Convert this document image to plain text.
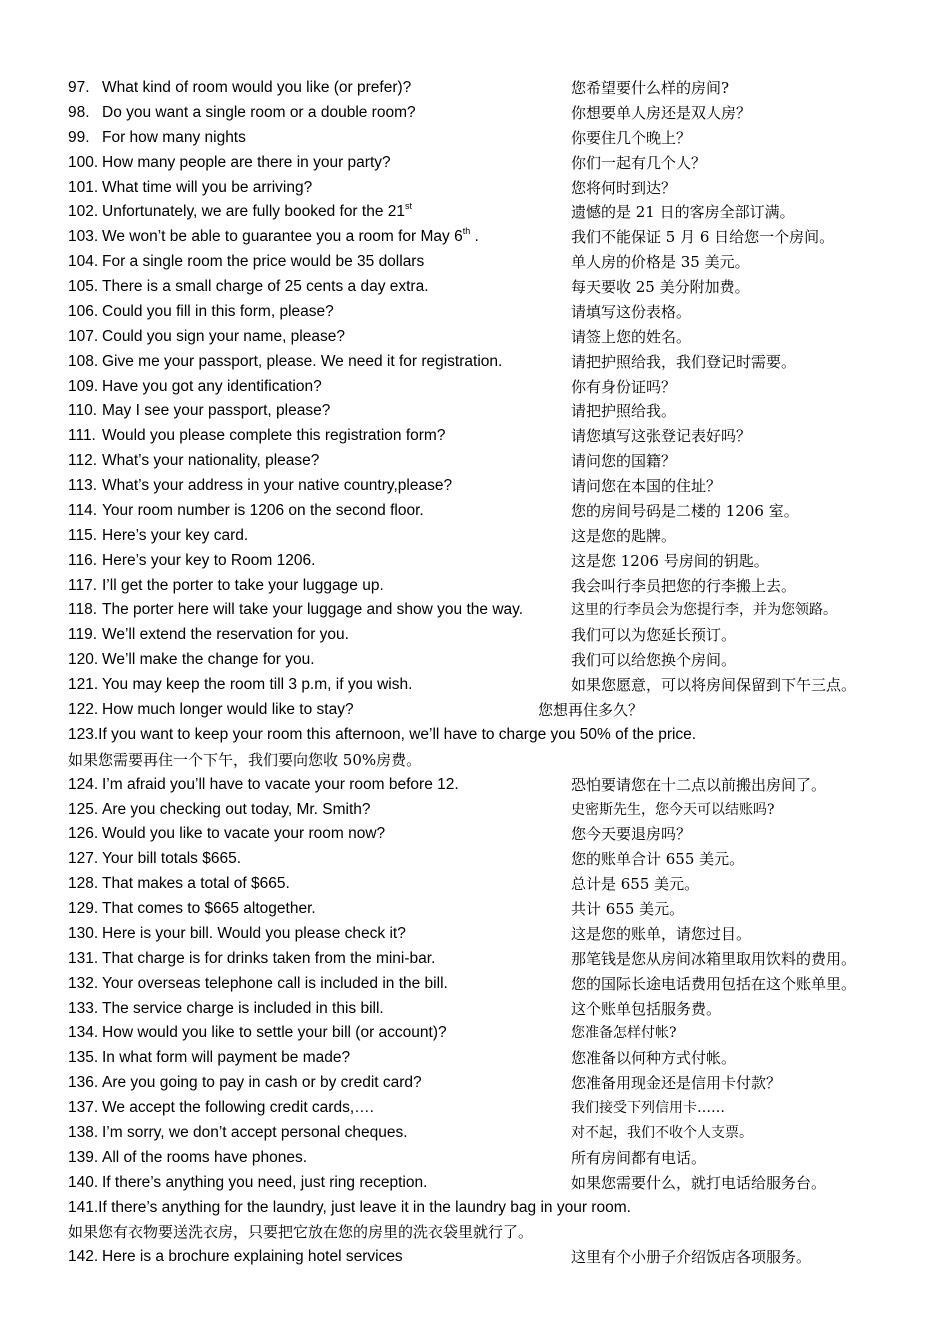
97. What kind of room would you like (or prefer)?	您希望要什么样的房间?
98. Do you want a single room or a double room?	你想要单人房还是双人房？
99. For how many nights	你要住几个晚上？
100. How many people are there in your party?	你们一起有几个人？
101. What time will you be arriving?	您将何时到达？
102. Unfortunately, we are fully booked for the 21st	遗憾的是 21 日的客房全部订满。
103. We won’t be able to guarantee you a room for May 6th .	我们不能保证 5 月 6 日给您一个房间。
104. For a single room the price would be 35 dollars	单人房的价格是 35 美元。
105. There is a small charge of 25 cents a day extra.	每天要收 25 美分附加费。
106. Could you fill in this form, please?	请填写这份表格。
107. Could you sign your name, please?	请签上您的姓名。
108. Give me your passport, please. We need it for registration.	请把护照给我，我们登记时需要。
109. Have you got any identification?	你有身份证吗？
110. May I see your passport, please?	请把护照给我。
111. Would you please complete this registration form?	请您填写这张登记表好吗？
112. What’s your nationality, please?	请问您的国籍？
113. What’s your address in your native country,please?	请问您在本国的住址？
114. Your room number is 1206 on the second floor.	您的房间号码是二楼的 1206 室。
115. Here’s your key card.	这是您的匙牌。
116. Here’s your key to Room 1206.	这是您 1206 号房间的钥匙。
117. I’ll get the porter to take your luggage up.	我会叫行李员把您的行李搬上去。
118. The porter here will take your luggage and show you the way.	这里的行李员会为您提行李，并为您领路。
119. We’ll extend the reservation for you.	我们可以为您延长预订。
120. We’ll make the change for you.	我们可以给您换个房间。
121. You may keep the room till 3 p.m, if you wish.	如果您愿意，可以将房间保留到下午三点。
122. How much longer would like to stay?	您想再住多久？
123.If you want to keep your room this afternoon, we’ll have to charge you 50% of the price.
如果您需要再住一个下午，我们要向您收 50%房费。
124. I’m afraid you’ll have to vacate your room before 12.	恐怕要请您在十二点以前搬出房间了。
125. Are you checking out today, Mr. Smith?	史密斯先生，您今天可以结账吗?
126. Would you like to vacate your room now?	您今天要退房吗？
127. Your bill totals $665.	您的账单合计 655 美元。
128. That makes a total of $665.	总计是 655 美元。
129. That comes to $665 altogether.	共计 655 美元。
130. Here is your bill. Would you please check it?	这是您的账单，请您过目。
131. That charge is for drinks taken from the mini-bar.	那笔钱是您从房间冰箱里取用饮料的费用。
132. Your overseas telephone call is included in the bill.	您的国际长途电话费用包括在这个账单里。
133. The service charge is included in this bill.	这个账单包括服务费。
134. How would you like to settle your bill (or account)?	您准备怎样付帐?
135. In what form will payment be made?	您准备以何种方式付帐。
136. Are you going to pay in cash or by credit card?	您准备用现金还是信用卡付款？
137. We accept the following credit cards,….	我们接受下列信用卡……
138. I’m sorry, we don’t accept personal cheques.	对不起，我们不收个人支票。
139. All of the rooms have phones.	所有房间都有电话。
140. If there’s anything you need, just ring reception.	如果您需要什么，就打电话给服务台。
141.If there’s anything for the laundry, just leave it in the laundry bag in your room.
如果您有衣物要送洗衣房，只要把它放在您的房里的洗衣袋里就行了。
142. Here is a brochure explaining hotel services	这里有个小册子介绍饭店各项服务。
